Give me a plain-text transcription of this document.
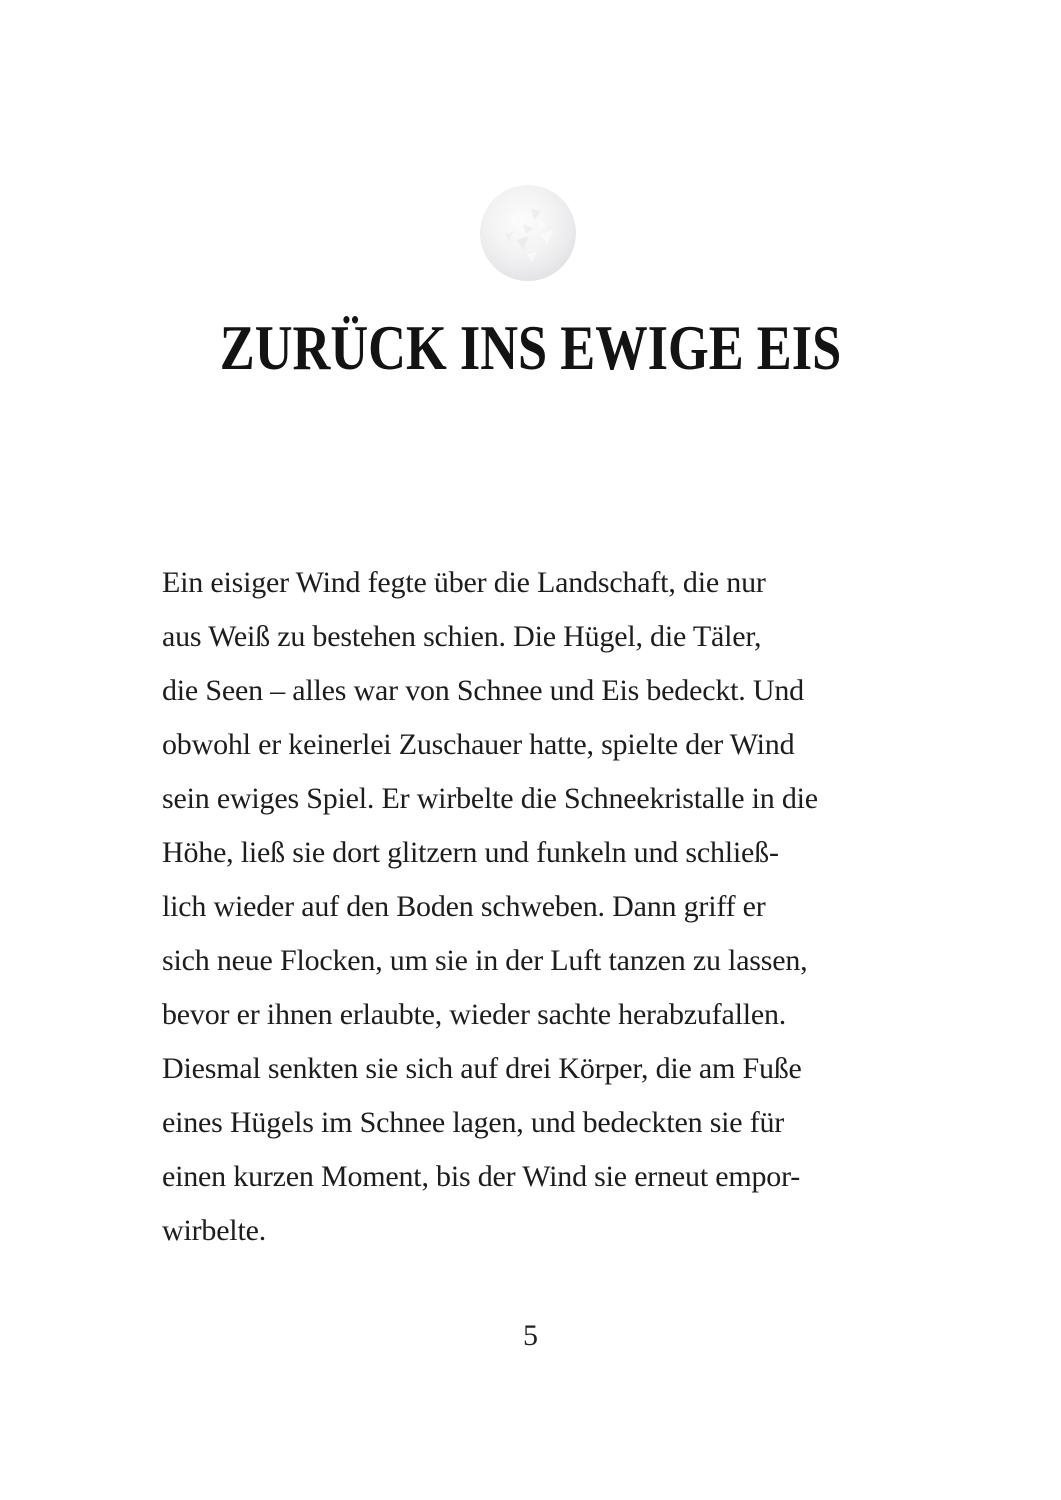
ZURÜCK INS EWIGE EIS

Ein eisiger Wind fegte über die Landschaft, die nur

aus Weiß zu bestehen schien. Die Hügel, die Täler,

die Seen – alles war von Schnee und Eis bedeckt. Und

obwohl er keinerlei Zuschauer hatte, spielte der Wind

sein ewiges Spiel. Er wirbelte die Schneekristalle in die

Höhe, ließ sie dort glitzern und funkeln und schließ-

lich wieder auf den Boden schweben. Dann griff er

sich neue Flocken, um sie in der Luft tanzen zu lassen,

bevor er ihnen erlaubte, wieder sachte herabzufallen.

Diesmal senkten sie sich auf drei Körper, die am Fuße

eines Hügels im Schnee lagen, und bedeckten sie für

einen kurzen Moment, bis der Wind sie erneut empor-

wirbelte.

5
